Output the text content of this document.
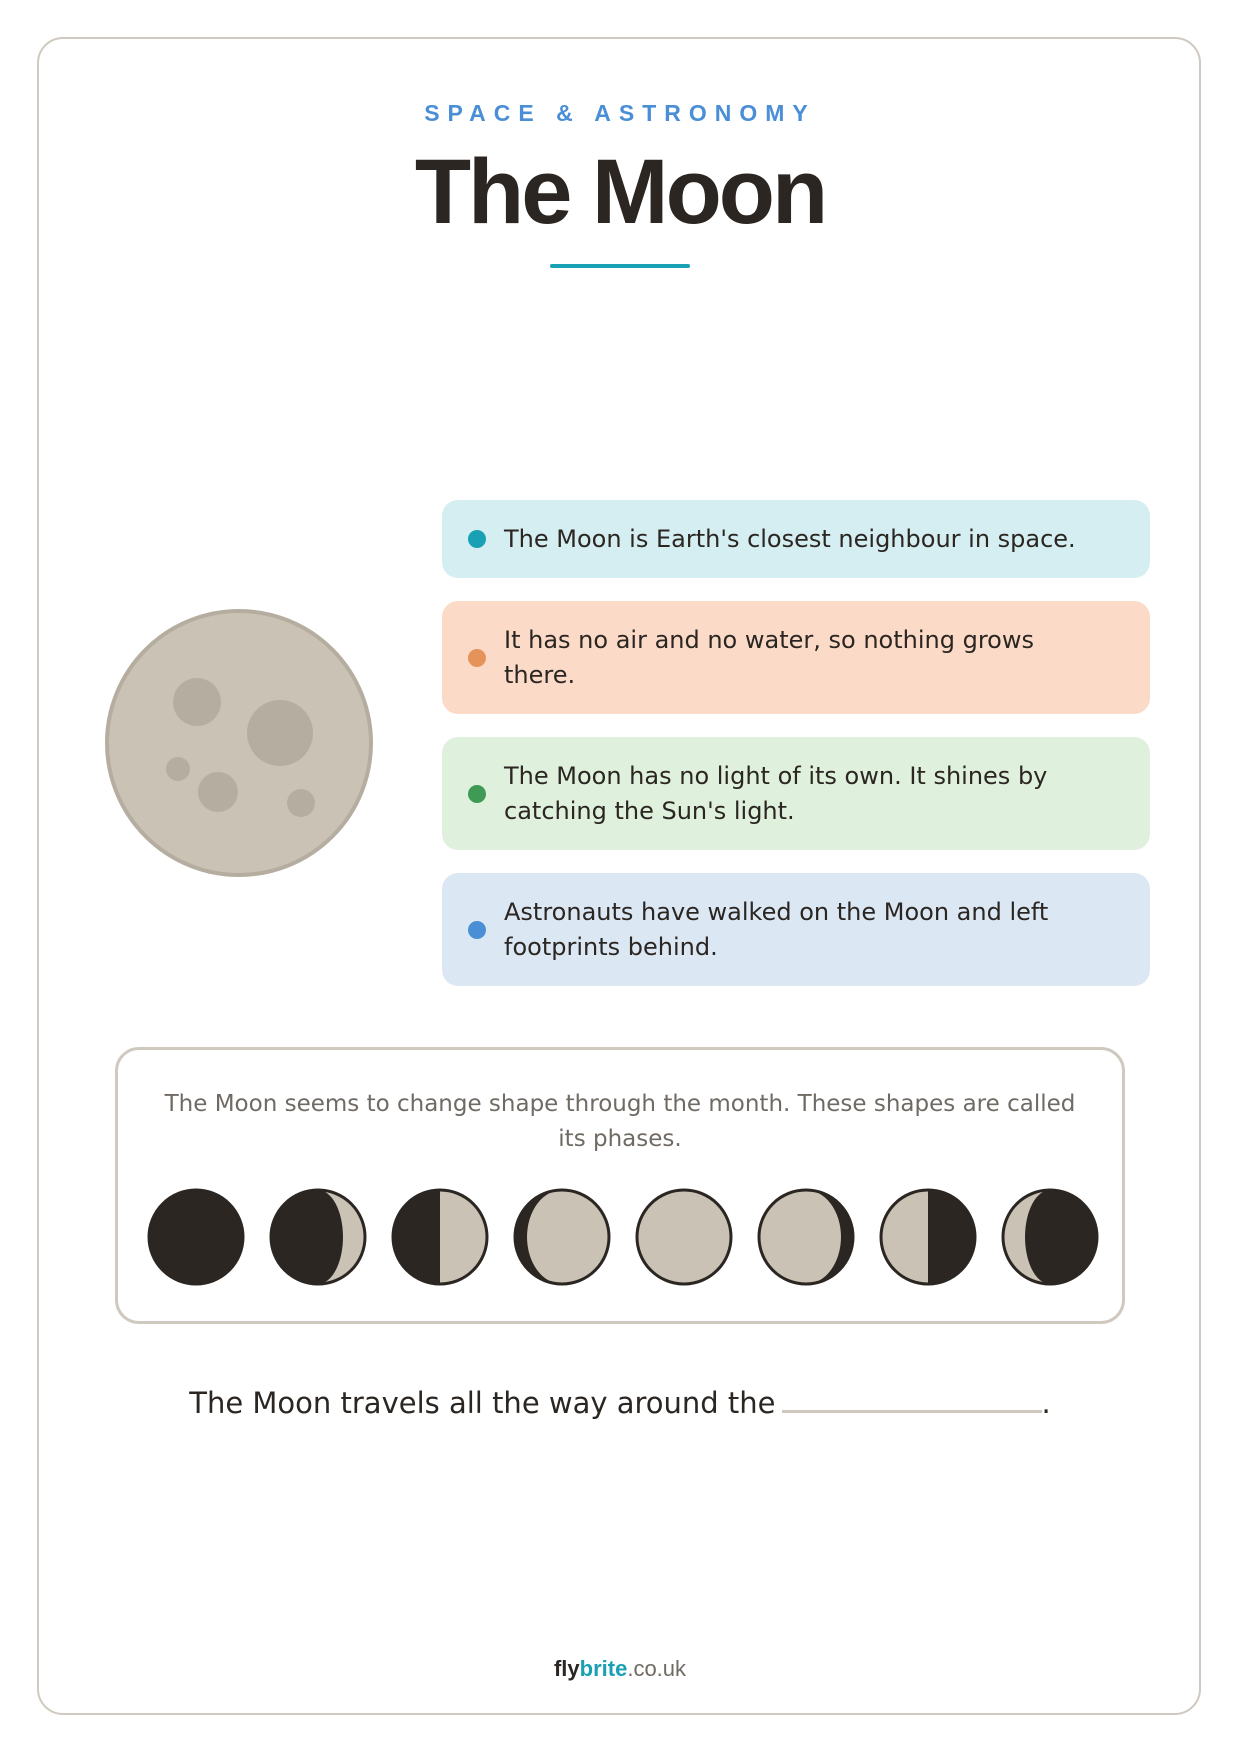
SPACE & ASTRONOMY
The Moon
The Moon is Earth's closest neighbour in space.
It has no air and no water, so nothing grows there.
The Moon has no light of its own. It shines by catching the Sun's light.
Astronauts have walked on the Moon and left footprints behind.
The Moon seems to change shape through the month. These shapes are called its phases.
The Moon travels all the way around the	.
flybrite.co.uk
